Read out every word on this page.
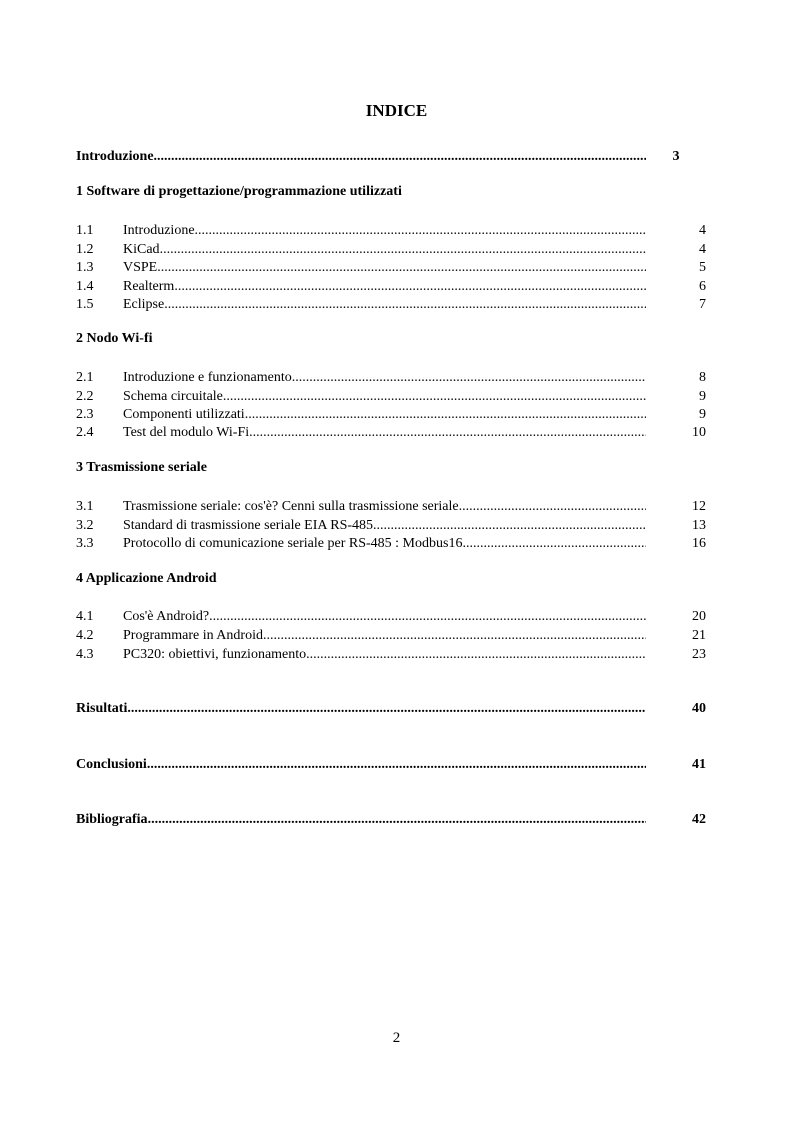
INDICE
Introduzione .....	3
1 Software di progettazione/programmazione utilizzati
1.1	Introduzione .....	4
1.2	KiCad .....	4
1.3	VSPE .....	5
1.4	Realterm .....	6
1.5	Eclipse .....	7
2 Nodo Wi-fi
2.1	Introduzione e funzionamento .....	8
2.2	Schema circuitale .....	9
2.3	Componenti utilizzati .....	9
2.4	Test del modulo Wi-Fi .....	10
3 Trasmissione seriale
3.1	Trasmissione seriale: cos'è? Cenni sulla trasmissione seriale .....	12
3.2	Standard di trasmissione seriale EIA RS-485 .....	13
3.3	Protocollo di comunicazione seriale per RS-485 : Modbus16 .....	16
4 Applicazione Android
4.1	Cos'è Android? .....	20
4.2	Programmare in Android .....	21
4.3	PC320: obiettivi, funzionamento .....	23
Risultati .....	40
Conclusioni .....	41
Bibliografia .....	42
2
